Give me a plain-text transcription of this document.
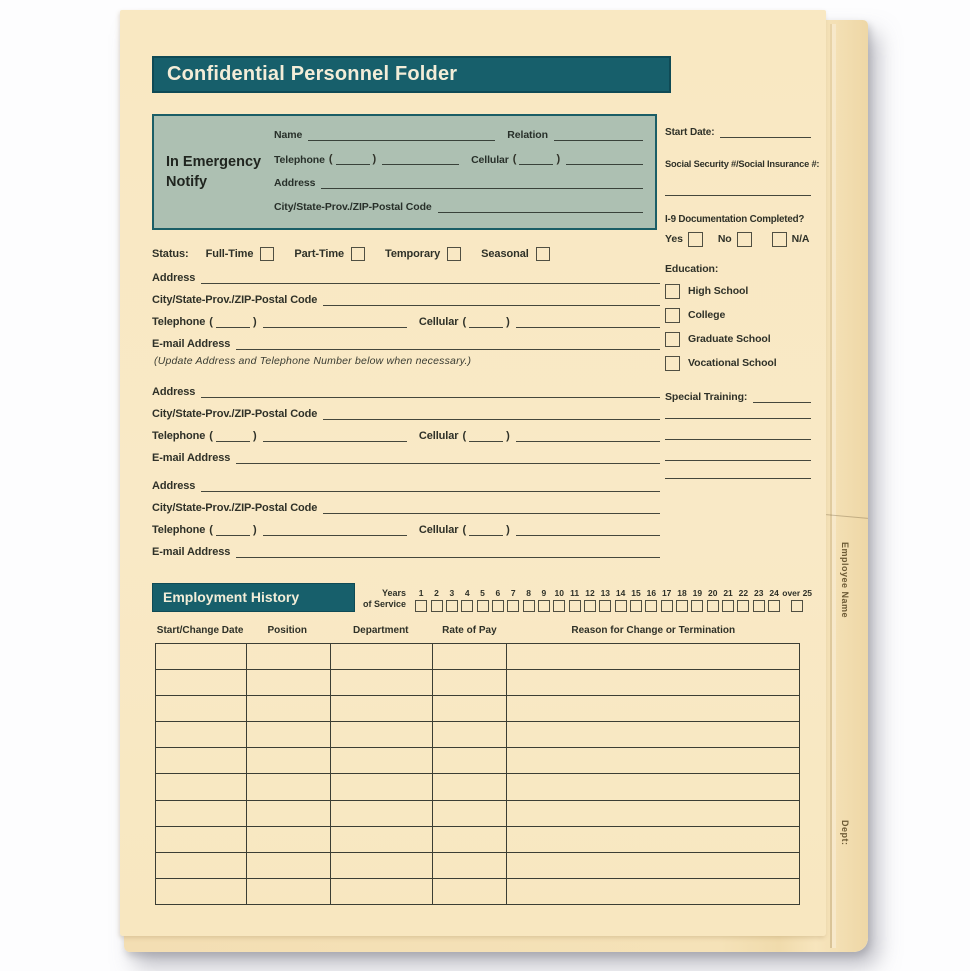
Employee Name
Dept:
Confidential Personnel Folder
In Emergency
Notify
Name	Relation
Telephone (	)	Cellular (	)
Address
City/State-Prov./ZIP-Postal Code
Status: Full-Time	Part-Time	Temporary	Seasonal
Address
City/State-Prov./ZIP-Postal Code
Telephone (	)	Cellular (	)
E-mail Address
Address
City/State-Prov./ZIP-Postal Code
Telephone (	)	Cellular (	)
E-mail Address
Address
City/State-Prov./ZIP-Postal Code
Telephone (	)	Cellular (	)
E-mail Address
(Update Address and Telephone Number below when necessary.)
Start Date:
Social Security #/Social Insurance #:
I-9 Documentation Completed?
Yes	No	N/A
Education:
High School
College
Graduate School
Vocational School
Special Training:
Employment History	Years
of Service
1 2 3 4 5 6 7 8 9 10 11 12 13 14 15 16 17 18 19 20 21 22 23 24 over 25
Start/Change Date	Position	Department	Rate of Pay	Reason for Change or Termination
